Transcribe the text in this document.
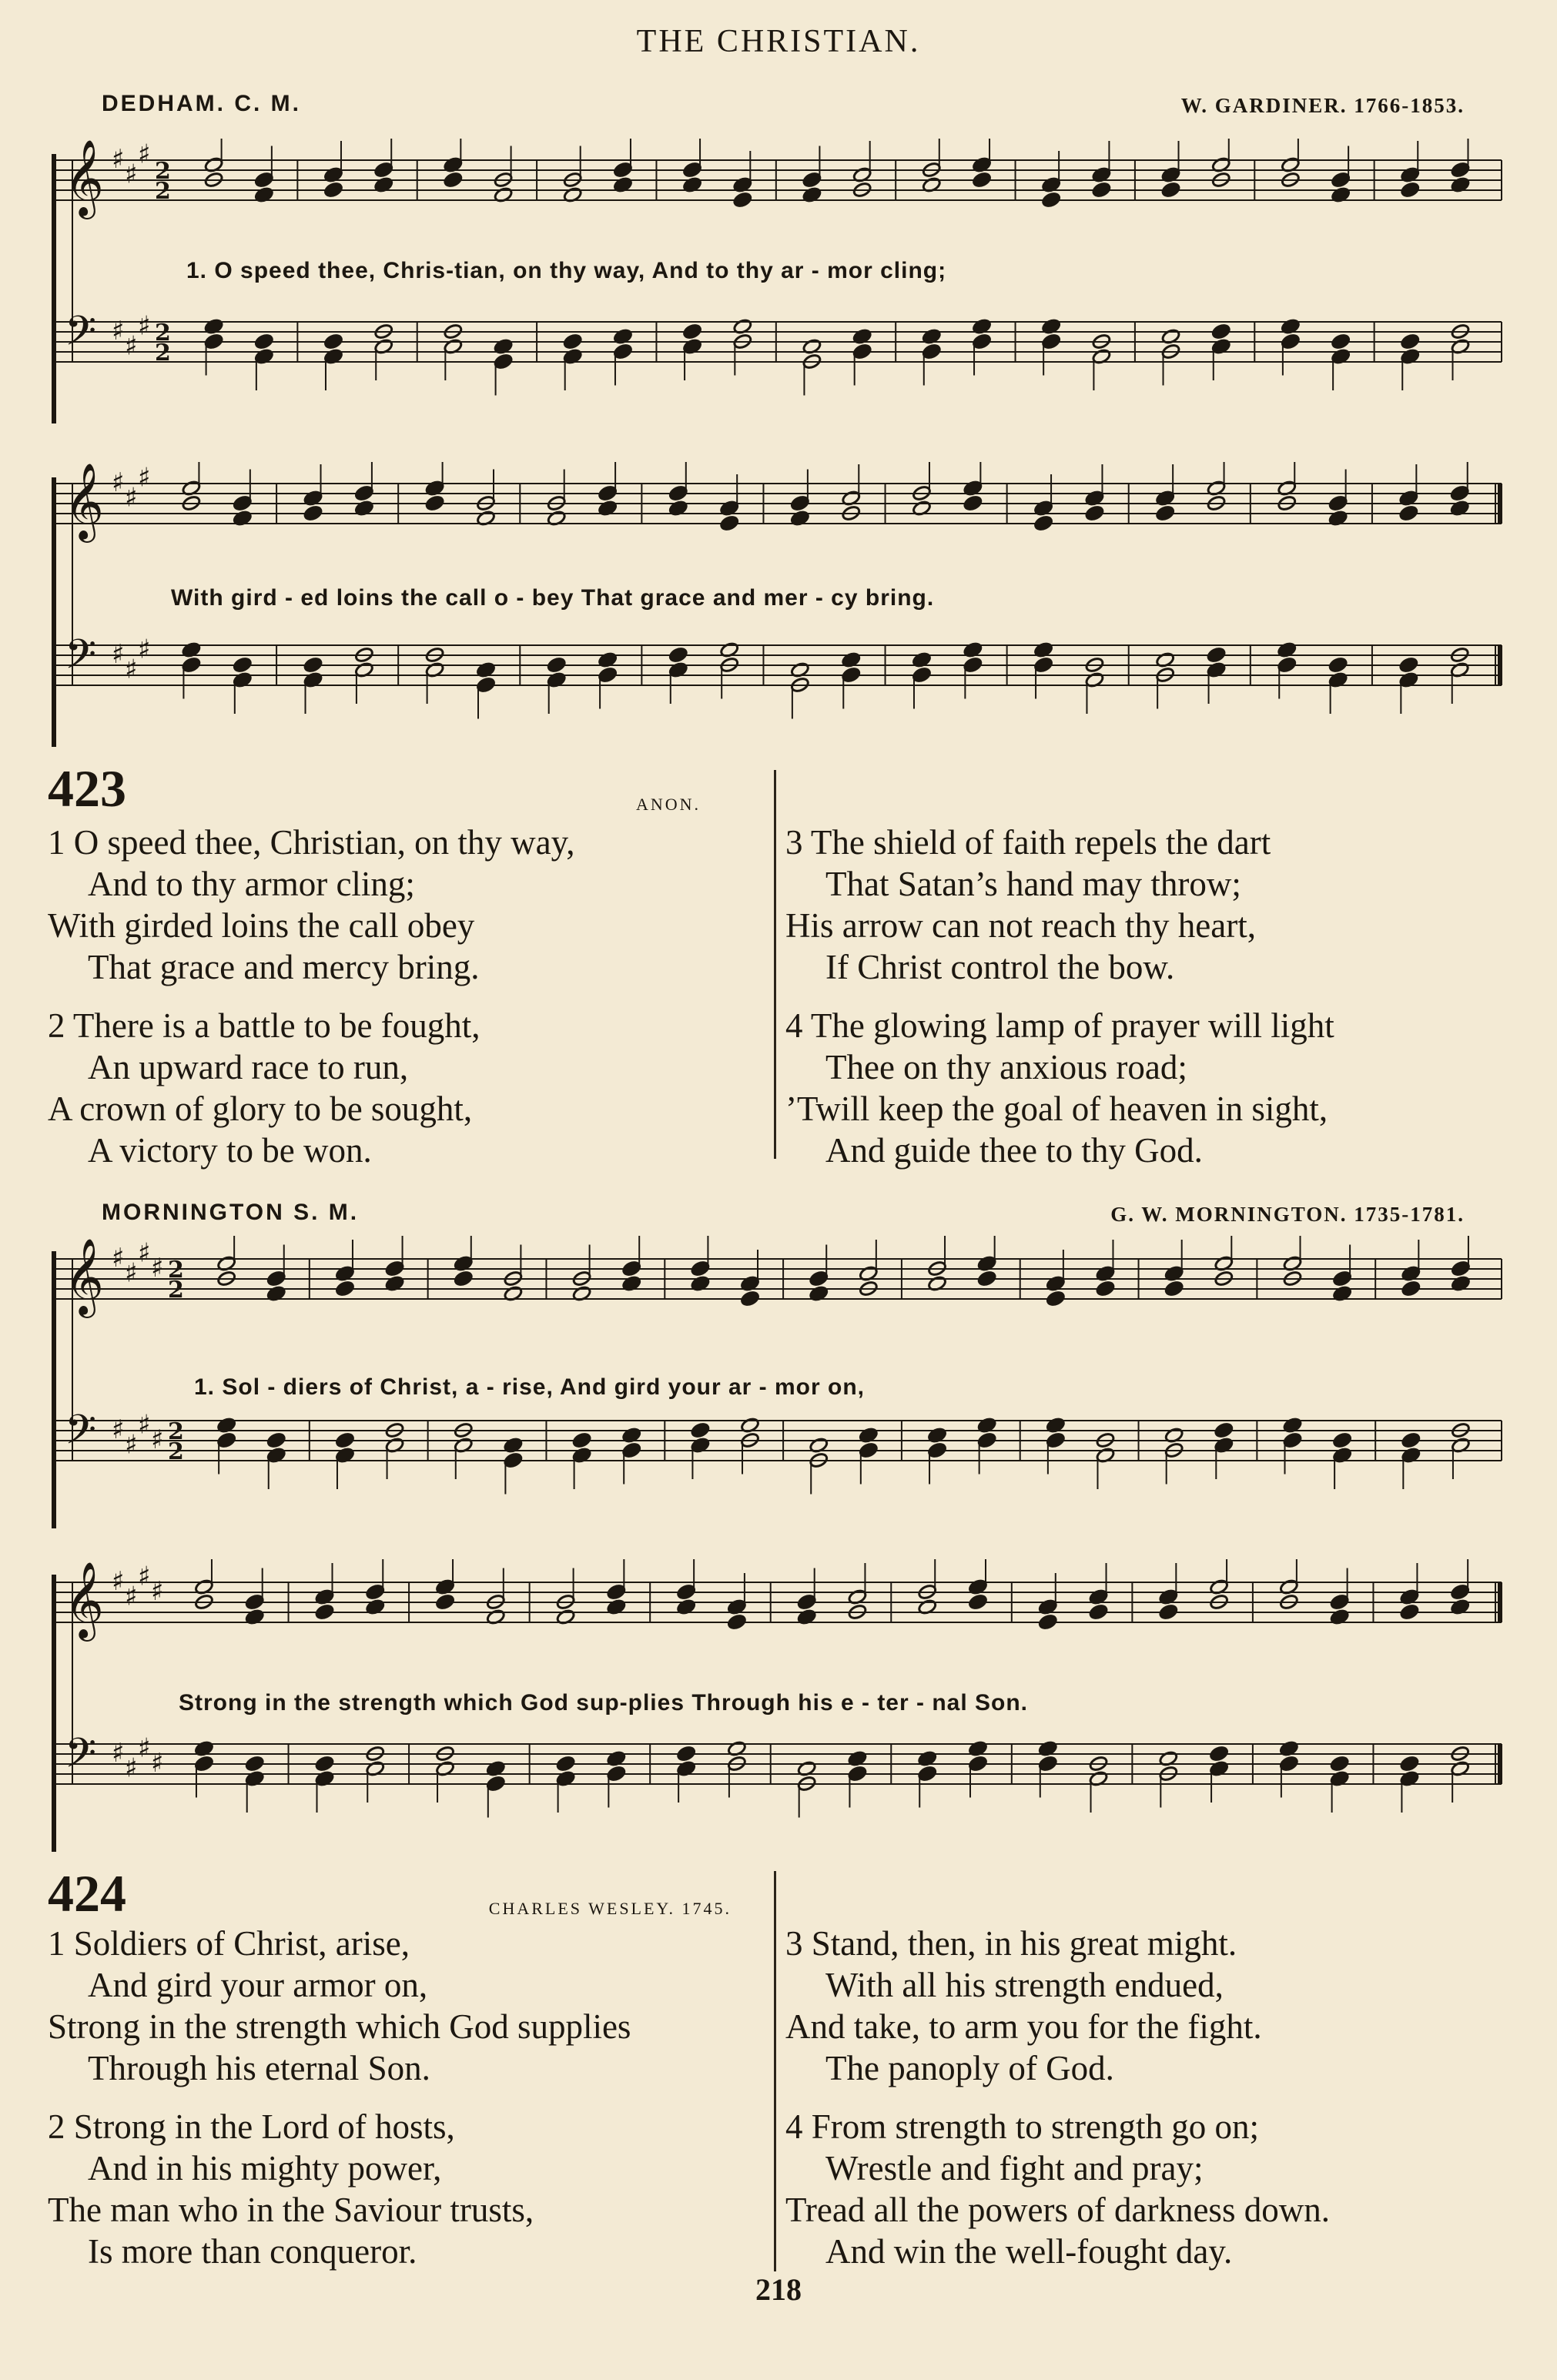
THE CHRISTIAN.
DEDHAM. C. M.	W. GARDINER. 1766-1853.
𝄞 ♯ ♯
♯
2
2
𝄢 ♯ ♯
♯ 2
2
1. O speed thee, Chris-tian, on thy way, And to thy ar - mor cling;
𝄞 ♯ ♯
♯
𝄢 ♯ ♯
♯
With gird - ed loins the call o - bey That grace and mer - cy bring.
423	ANON.
1 O speed thee, Christian, on thy way,
And to thy armor cling;
With girded loins the call obey
That grace and mercy bring.
2 There is a battle to be fought,
An upward race to run,
A crown of glory to be sought,
A victory to be won.
3 The shield of faith repels the dart
That Satan’s hand may throw;
His arrow can not reach thy heart,
If Christ control the bow.
4 The glowing lamp of prayer will light
Thee on thy anxious road;
’Twill keep the goal of heaven in sight,
And guide thee to thy God.
MORNINGTON S. M.	G. W. MORNINGTON. 1735-1781.
𝄞 ♯ ♯
♯ ♯ 2
2
𝄢 ♯ ♯
♯ ♯ 2
2
1. Sol - diers of Christ, a - rise, And gird your ar - mor on,
𝄞 ♯ ♯
♯ ♯
𝄢 ♯ ♯
♯ ♯
Strong in the strength which God sup-plies Through his e - ter - nal Son.
424	CHARLES WESLEY. 1745.
1 Soldiers of Christ, arise,
And gird your armor on,
Strong in the strength which God supplies
Through his eternal Son.
2 Strong in the Lord of hosts,
And in his mighty power,
The man who in the Saviour trusts,
Is more than conqueror.
3 Stand, then, in his great might.
With all his strength endued,
And take, to arm you for the fight.
The panoply of God.
4 From strength to strength go on;
Wrestle and fight and pray;
Tread all the powers of darkness down.
And win the well-fought day.
218
